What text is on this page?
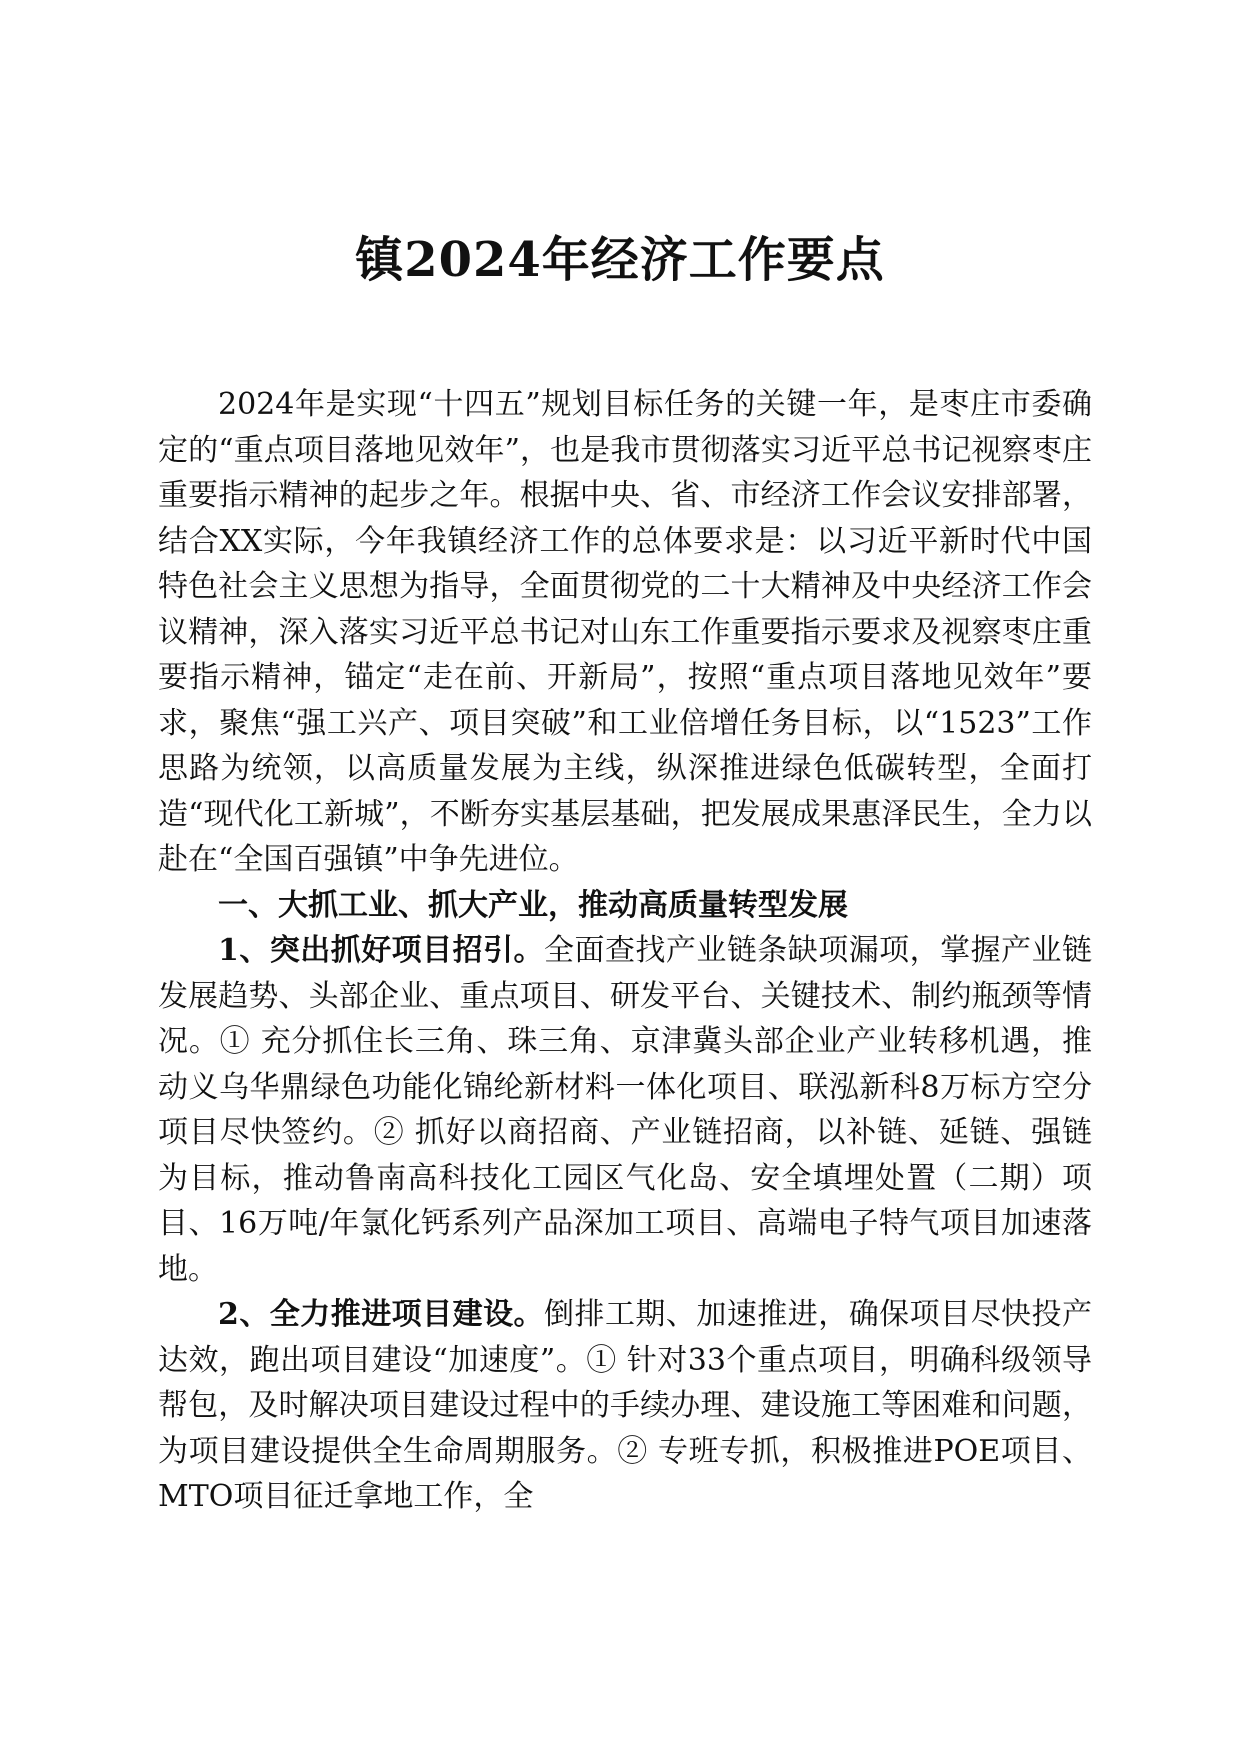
镇2024年经济工作要点

2024年是实现“十四五”规划目标任务的关键一年，是枣庄市委确定的“重点项目落地见效年”，也是我市贯彻落实习近平总书记视察枣庄重要指示精神的起步之年。根据中央、省、市经济工作会议安排部署，结合XX实际，今年我镇经济工作的总体要求是：以习近平新时代中国特色社会主义思想为指导，全面贯彻党的二十大精神及中央经济工作会议精神，深入落实习近平总书记对山东工作重要指示要求及视察枣庄重要指示精神，锚定“走在前、开新局”，按照“重点项目落地见效年”要求，聚焦“强工兴产、项目突破”和工业倍增任务目标，以“1523”工作思路为统领，以高质量发展为主线，纵深推进绿色低碳转型，全面打造“现代化工新城”，不断夯实基层基础，把发展成果惠泽民生，全力以赴在“全国百强镇”中争先进位。

一、大抓工业、抓大产业，推动高质量转型发展

1、突出抓好项目招引。全面查找产业链条缺项漏项，掌握产业链发展趋势、头部企业、重点项目、研发平台、关键技术、制约瓶颈等情况。① 充分抓住长三角、珠三角、京津冀头部企业产业转移机遇，推动义乌华鼎绿色功能化锦纶新材料一体化项目、联泓新科8万标方空分项目尽快签约。② 抓好以商招商、产业链招商，以补链、延链、强链为目标，推动鲁南高科技化工园区气化岛、安全填埋处置（二期）项目、16万吨/年氯化钙系列产品深加工项目、高端电子特气项目加速落地。

2、全力推进项目建设。倒排工期、加速推进，确保项目尽快投产达效，跑出项目建设“加速度”。① 针对33个重点项目，明确科级领导帮包，及时解决项目建设过程中的手续办理、建设施工等困难和问题，为项目建设提供全生命周期服务。② 专班专抓，积极推进POE项目、MTO项目征迁拿地工作，全
